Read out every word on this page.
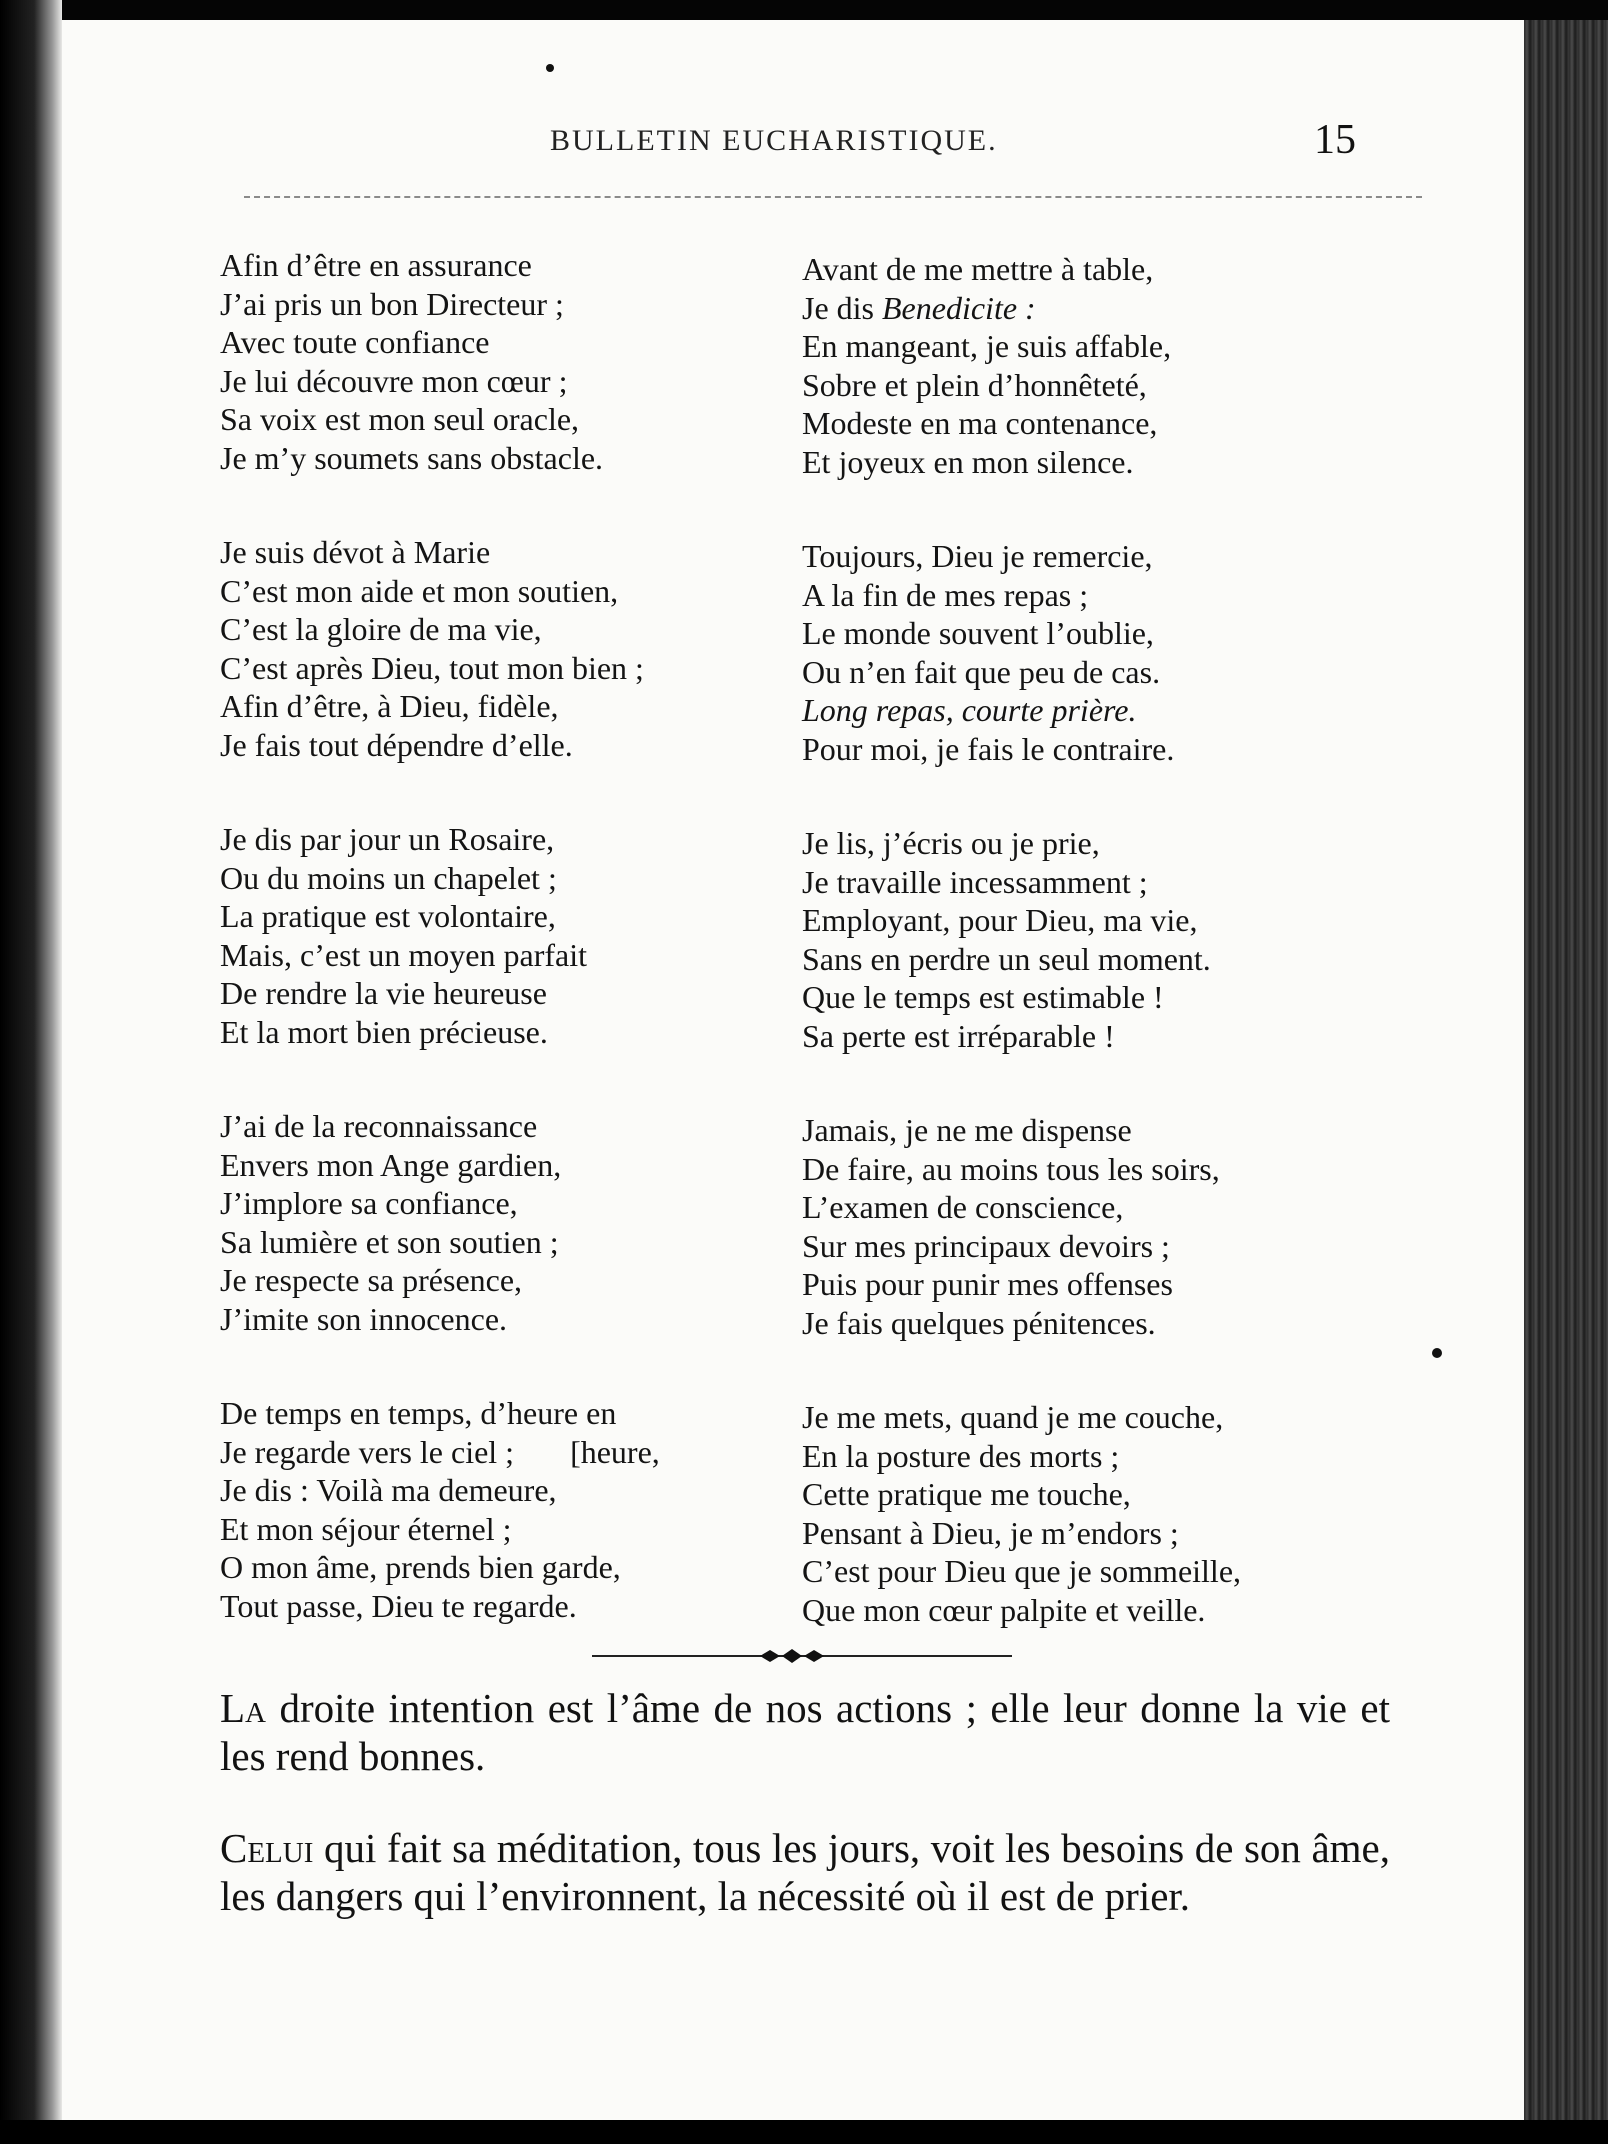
BULLETIN EUCHARISTIQUE.	15
Afin d’être en assurance
J’ai pris un bon Directeur ;
Avec toute confiance
Je lui découvre mon cœur ;
Sa voix est mon seul oracle,
Je m’y soumets sans obstacle.
Je suis dévot à Marie
C’est mon aide et mon soutien,
C’est la gloire de ma vie,
C’est après Dieu, tout mon bien ;
Afin d’être, à Dieu, fidèle,
Je fais tout dépendre d’elle.
Je dis par jour un Rosaire,
Ou du moins un chapelet ;
La pratique est volontaire,
Mais, c’est un moyen parfait
De rendre la vie heureuse
Et la mort bien précieuse.
J’ai de la reconnaissance
Envers mon Ange gardien,
J’implore sa confiance,
Sa lumière et son soutien ;
Je respecte sa présence,
J’imite son innocence.
De temps en temps, d’heure en
Je regarde vers le ciel ;       [heure,
Je dis : Voilà ma demeure,
Et mon séjour éternel ;
O mon âme, prends bien garde,
Tout passe, Dieu te regarde.
Avant de me mettre à table,
Je dis Benedicite :
En mangeant, je suis affable,
Sobre et plein d’honnêteté,
Modeste en ma contenance,
Et joyeux en mon silence.
Toujours, Dieu je remercie,
A la fin de mes repas ;
Le monde souvent l’oublie,
Ou n’en fait que peu de cas.
Long repas, courte prière.
Pour moi, je fais le contraire.
Je lis, j’écris ou je prie,
Je travaille incessamment ;
Employant, pour Dieu, ma vie,
Sans en perdre un seul moment.
Que le temps est estimable !
Sa perte est irréparable !
Jamais, je ne me dispense
De faire, au moins tous les soirs,
L’examen de conscience,
Sur mes principaux devoirs ;
Puis pour punir mes offenses
Je fais quelques pénitences.
Je me mets, quand je me couche,
En la posture des morts ;
Cette pratique me touche,
Pensant à Dieu, je m’endors ;
C’est pour Dieu que je sommeille,
Que mon cœur palpite et veille.

La droite intention est l’âme de nos actions ; elle leur donne la vie et les rend bonnes.

Celui qui fait sa méditation, tous les jours, voit les besoins de son âme, les dangers qui l’environnent, la nécessité où il est de prier.
